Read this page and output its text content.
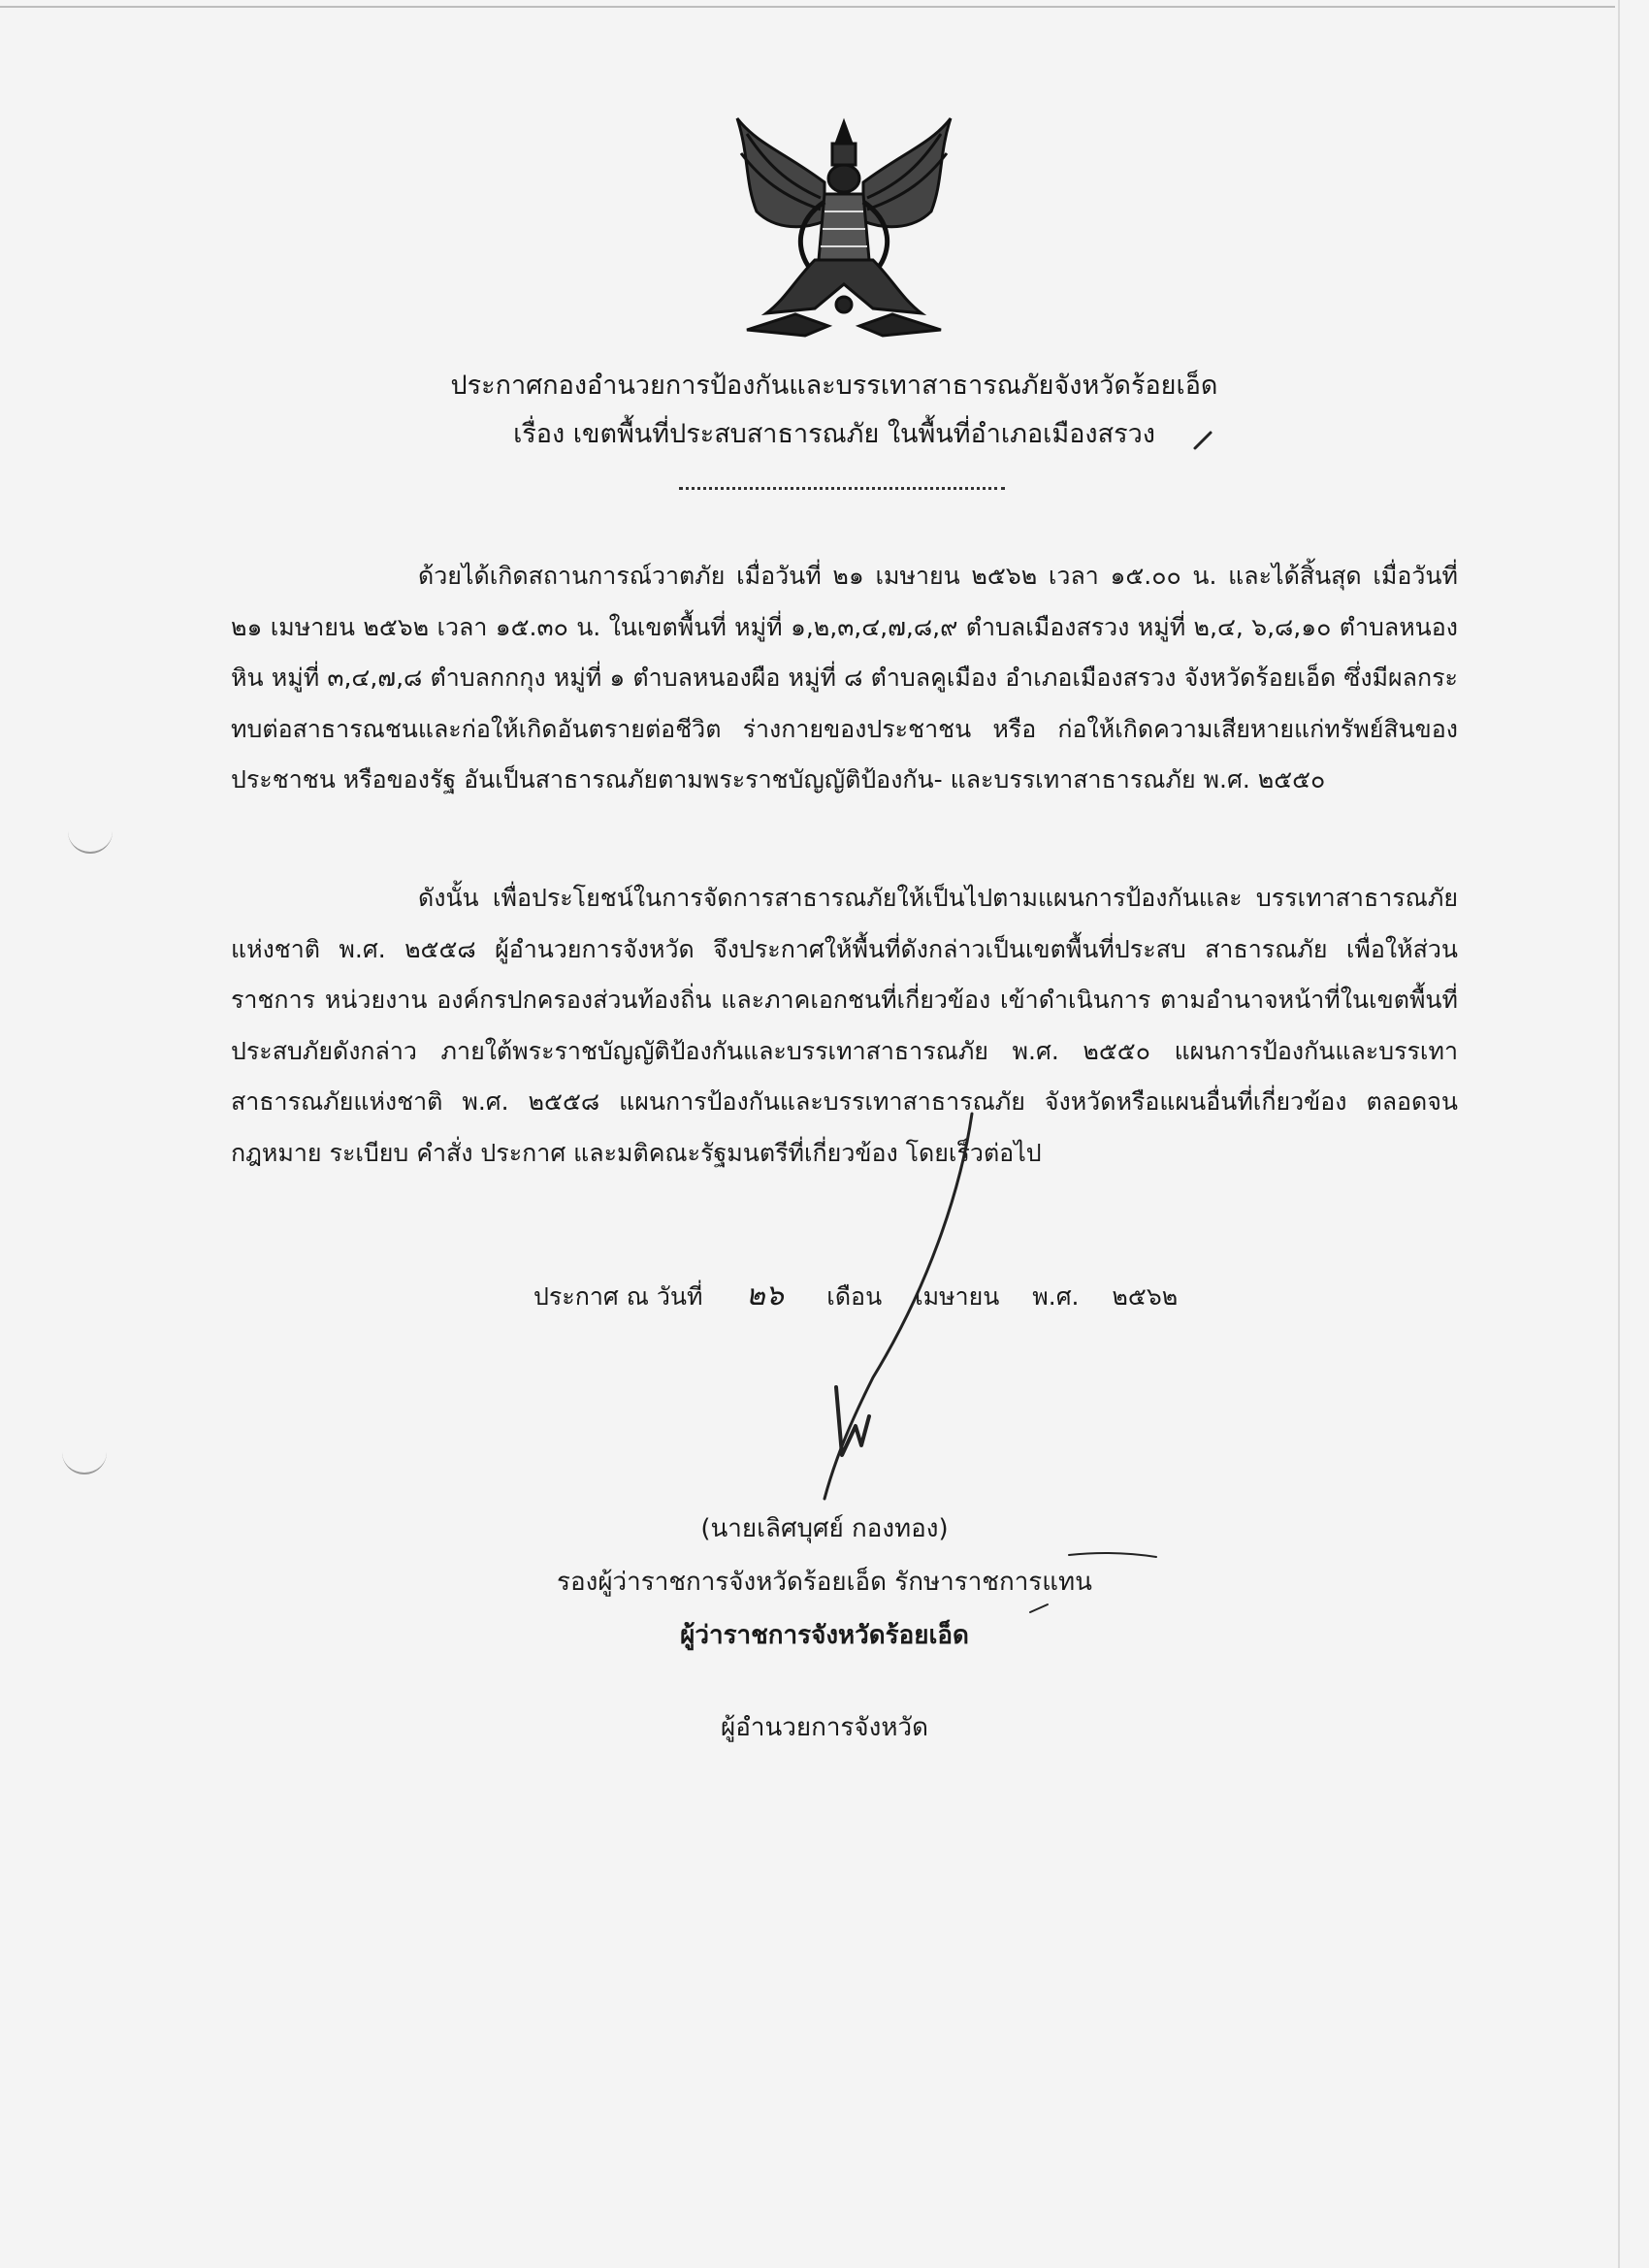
ประกาศกองอำนวยการป้องกันและบรรเทาสาธารณภัยจังหวัดร้อยเอ็ด
เรื่อง เขตพื้นที่ประสบสาธารณภัย ในพื้นที่อำเภอเมืองสรวง
ด้วยได้เกิดสถานการณ์วาตภัย เมื่อวันที่ ๒๑ เมษายน ๒๕๖๒ เวลา ๑๕.๐๐ น. และได้สิ้นสุด เมื่อวันที่ ๒๑ เมษายน ๒๕๖๒ เวลา ๑๕.๓๐ น. ในเขตพื้นที่ หมู่ที่ ๑,๒,๓,๔,๗,๘,๙ ตำบลเมืองสรวง หมู่ที่ ๒,๔, ๖,๘,๑๐ ตำบลหนองหิน หมู่ที่ ๓,๔,๗,๘ ตำบลกกกุง หมู่ที่ ๑ ตำบลหนองผือ หมู่ที่ ๘ ตำบลคูเมือง อำเภอเมืองสรวง จังหวัดร้อยเอ็ด ซึ่งมีผลกระทบต่อสาธารณชนและก่อให้เกิดอันตรายต่อชีวิต ร่างกายของประชาชน หรือ ก่อให้เกิดความเสียหายแก่ทรัพย์สินของประชาชน หรือของรัฐ อันเป็นสาธารณภัยตามพระราชบัญญัติป้องกัน- และบรรเทาสาธารณภัย พ.ศ. ๒๕๕๐
ดังนั้น เพื่อประโยชน์ในการจัดการสาธารณภัยให้เป็นไปตามแผนการป้องกันและ บรรเทาสาธารณภัยแห่งชาติ พ.ศ. ๒๕๕๘ ผู้อำนวยการจังหวัด จึงประกาศให้พื้นที่ดังกล่าวเป็นเขตพื้นที่ประสบ สาธารณภัย เพื่อให้ส่วนราชการ หน่วยงาน องค์กรปกครองส่วนท้องถิ่น และภาคเอกชนที่เกี่ยวข้อง เข้าดำเนินการ ตามอำนาจหน้าที่ในเขตพื้นที่ประสบภัยดังกล่าว ภายใต้พระราชบัญญัติป้องกันและบรรเทาสาธารณภัย พ.ศ. ๒๕๕๐ แผนการป้องกันและบรรเทาสาธารณภัยแห่งชาติ พ.ศ. ๒๕๕๘ แผนการป้องกันและบรรเทาสาธารณภัย จังหวัดหรือแผนอื่นที่เกี่ยวข้อง ตลอดจนกฎหมาย ระเบียบ คำสั่ง ประกาศ และมติคณะรัฐมนตรีที่เกี่ยวข้อง โดยเร็วต่อไป
ประกาศ ณ วันที่ ๒๖ เดือน เมษายน พ.ศ. ๒๕๖๒
(นายเลิศบุศย์ กองทอง)
รองผู้ว่าราชการจังหวัดร้อยเอ็ด รักษาราชการแทน
ผู้ว่าราชการจังหวัดร้อยเอ็ด
ผู้อำนวยการจังหวัด
